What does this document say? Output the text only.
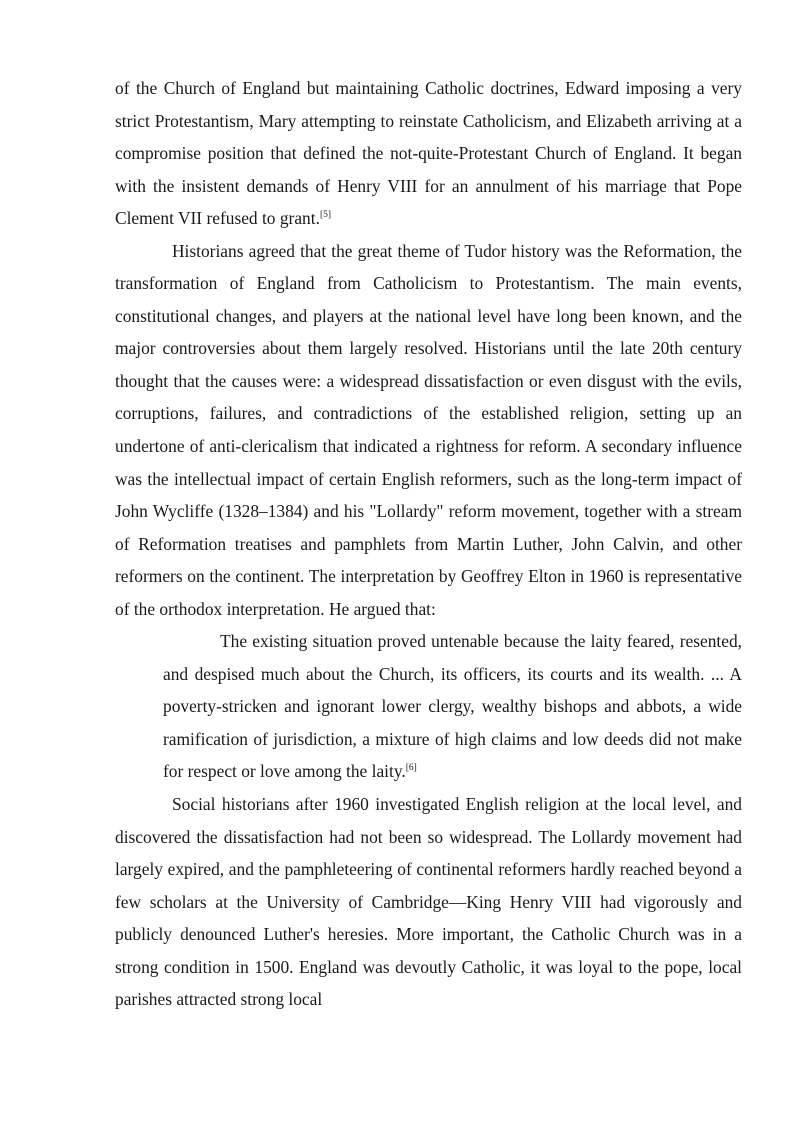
of the Church of England but maintaining Catholic doctrines, Edward imposing a very strict Protestantism, Mary attempting to reinstate Catholicism, and Elizabeth arriving at a compromise position that defined the not-quite-Protestant Church of England. It began with the insistent demands of Henry VIII for an annulment of his marriage that Pope Clement VII refused to grant.[5]

Historians agreed that the great theme of Tudor history was the Reformation, the transformation of England from Catholicism to Protestantism. The main events, constitutional changes, and players at the national level have long been known, and the major controversies about them largely resolved. Historians until the late 20th century thought that the causes were: a widespread dissatisfaction or even disgust with the evils, corruptions, failures, and contradictions of the established religion, setting up an undertone of anti-clericalism that indicated a rightness for reform. A secondary influence was the intellectual impact of certain English reformers, such as the long-term impact of John Wycliffe (1328–1384) and his "Lollardy" reform movement, together with a stream of Reformation treatises and pamphlets from Martin Luther, John Calvin, and other reformers on the continent. The interpretation by Geoffrey Elton in 1960 is representative of the orthodox interpretation. He argued that:

The existing situation proved untenable because the laity feared, resented, and despised much about the Church, its officers, its courts and its wealth. ... A poverty-stricken and ignorant lower clergy, wealthy bishops and abbots, a wide ramification of jurisdiction, a mixture of high claims and low deeds did not make for respect or love among the laity.[6]

Social historians after 1960 investigated English religion at the local level, and discovered the dissatisfaction had not been so widespread. The Lollardy movement had largely expired, and the pamphleteering of continental reformers hardly reached beyond a few scholars at the University of Cambridge—King Henry VIII had vigorously and publicly denounced Luther's heresies. More important, the Catholic Church was in a strong condition in 1500. England was devoutly Catholic, it was loyal to the pope, local parishes attracted strong local
